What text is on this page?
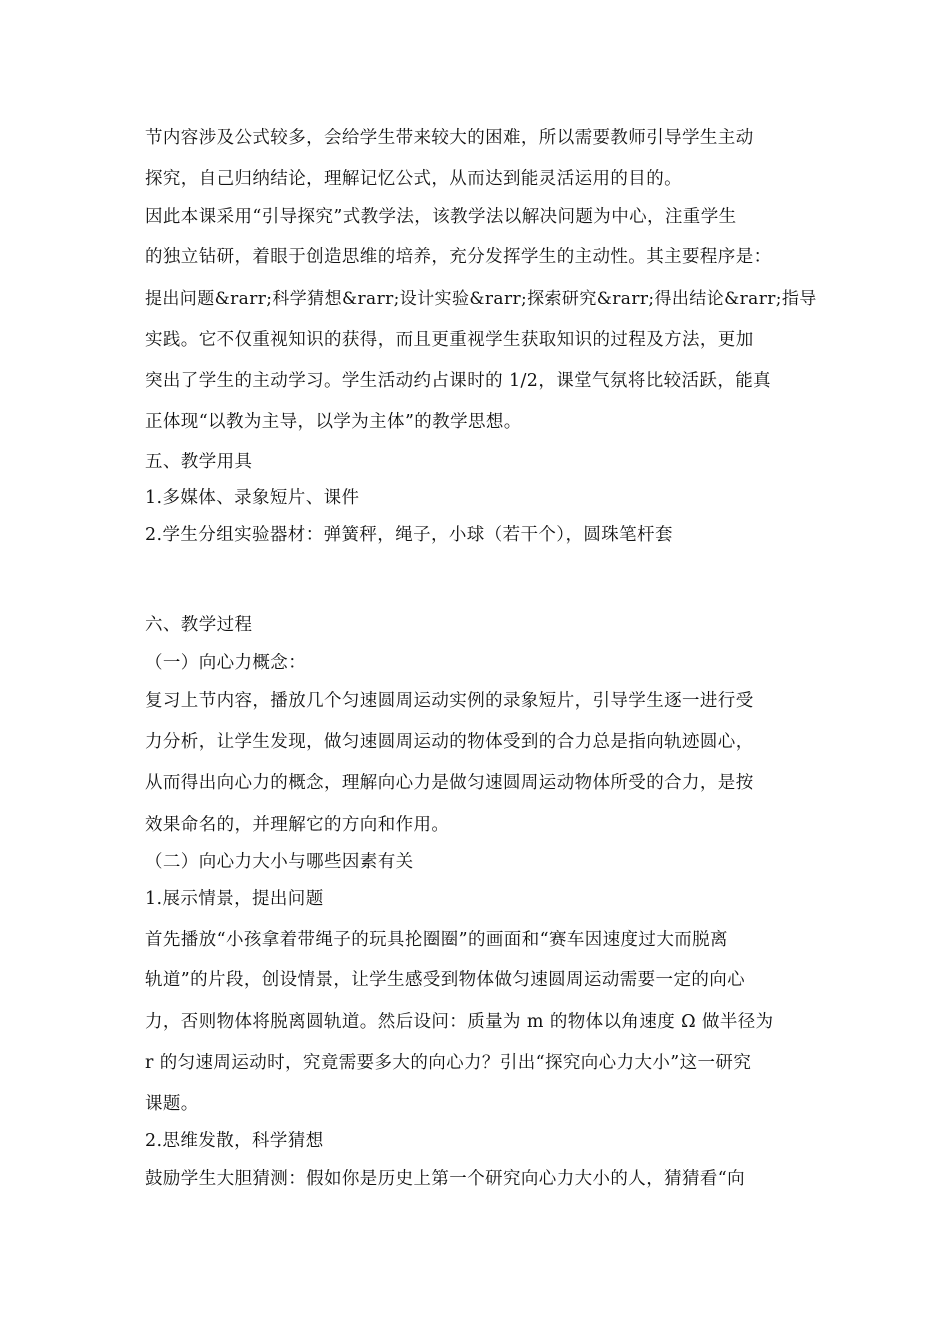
节内容涉及公式较多，会给学生带来较大的困难，所以需要教师引导学生主动
探究，自己归纳结论，理解记忆公式，从而达到能灵活运用的目的。
因此本课采用“引导探究”式教学法，该教学法以解决问题为中心，注重学生
的独立钻研，着眼于创造思维的培养，充分发挥学生的主动性。其主要程序是：
提出问题&rarr;科学猜想&rarr;设计实验&rarr;探索研究&rarr;得出结论&rarr;指导
实践。它不仅重视知识的获得，而且更重视学生获取知识的过程及方法，更加
突出了学生的主动学习。学生活动约占课时的 1/2，课堂气氛将比较活跃，能真
正体现“以教为主导，以学为主体”的教学思想。
五、教学用具
1.多媒体、录象短片、课件
2.学生分组实验器材：弹簧秤，绳子，小球（若干个），圆珠笔杆套
六、教学过程
（一）向心力概念：
复习上节内容，播放几个匀速圆周运动实例的录象短片，引导学生逐一进行受
力分析，让学生发现，做匀速圆周运动的物体受到的合力总是指向轨迹圆心，
从而得出向心力的概念，理解向心力是做匀速圆周运动物体所受的合力，是按
效果命名的，并理解它的方向和作用。
（二）向心力大小与哪些因素有关
1.展示情景，提出问题
首先播放“小孩拿着带绳子的玩具抡圈圈”的画面和“赛车因速度过大而脱离
轨道”的片段，创设情景，让学生感受到物体做匀速圆周运动需要一定的向心
力，否则物体将脱离圆轨道。然后设问：质量为 m 的物体以角速度 Ω 做半径为
r 的匀速周运动时，究竟需要多大的向心力？引出“探究向心力大小”这一研究
课题。
2.思维发散，科学猜想
鼓励学生大胆猜测：假如你是历史上第一个研究向心力大小的人，猜猜看“向
